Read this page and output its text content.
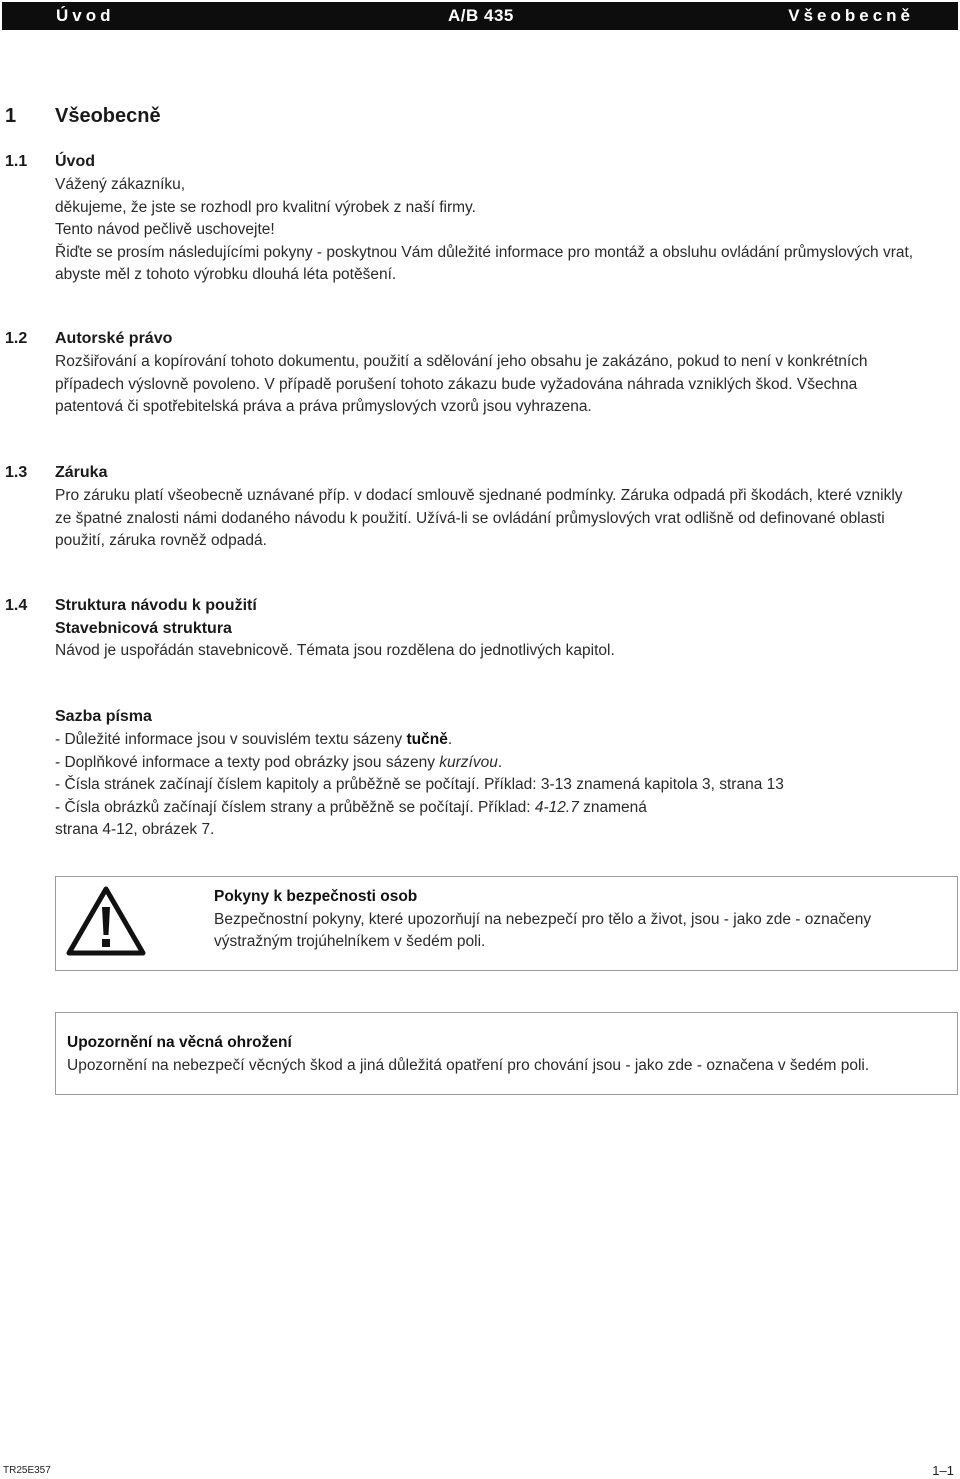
Úvod	A/B 435	Všeobecně
1 Všeobecně
1.1 Úvod
Vážený zákazníku,
děkujeme, že jste se rozhodl pro kvalitní výrobek z naší firmy.
Tento návod pečlivě uschovejte!
Řiďte se prosím následujícími pokyny - poskytnou Vám důležité informace pro montáž a obsluhu ovládání průmyslových vrat,
abyste měl z tohoto výrobku dlouhá léta potěšení.
1.2 Autorské právo
Rozšiřování a kopírování tohoto dokumentu, použití a sdělování jeho obsahu je zakázáno, pokud to není v konkrétních
případech výslovně povoleno. V případě porušení tohoto zákazu bude vyžadována náhrada vzniklých škod. Všechna
patentová či spotřebitelská práva a práva průmyslových vzorů jsou vyhrazena.
1.3 Záruka
Pro záruku platí všeobecně uznávané příp. v dodací smlouvě sjednané podmínky. Záruka odpadá při škodách, které vznikly
ze špatné znalosti námi dodaného návodu k použití. Užívá-li se ovládání průmyslových vrat odlišně od definované oblasti
použití, záruka rovněž odpadá.
1.4 Struktura návodu k použití
Stavebnicová struktura
Návod je uspořádán stavebnicově. Témata jsou rozdělena do jednotlivých kapitol.
Sazba písma
- Důležité informace jsou v souvislém textu sázeny tučně.
- Doplňkové informace a texty pod obrázky jsou sázeny kurzívou.
- Čísla stránek začínají číslem kapitoly a průběžně se počítají. Příklad: 3-13 znamená kapitola 3, strana 13
- Čísla obrázků začínají číslem strany a průběžně se počítají. Příklad: 4-12.7 znamená
strana 4-12, obrázek 7.
Pokyny k bezpečnosti osob
Bezpečnostní pokyny, které upozorňují na nebezpečí pro tělo a život, jsou - jako zde - označeny
výstražným trojúhelníkem v šedém poli.
Upozornění na věcná ohrožení
Upozornění na nebezpečí věcných škod a jiná důležitá opatření pro chování jsou - jako zde - označena v šedém poli.
TR25E357	1–1
